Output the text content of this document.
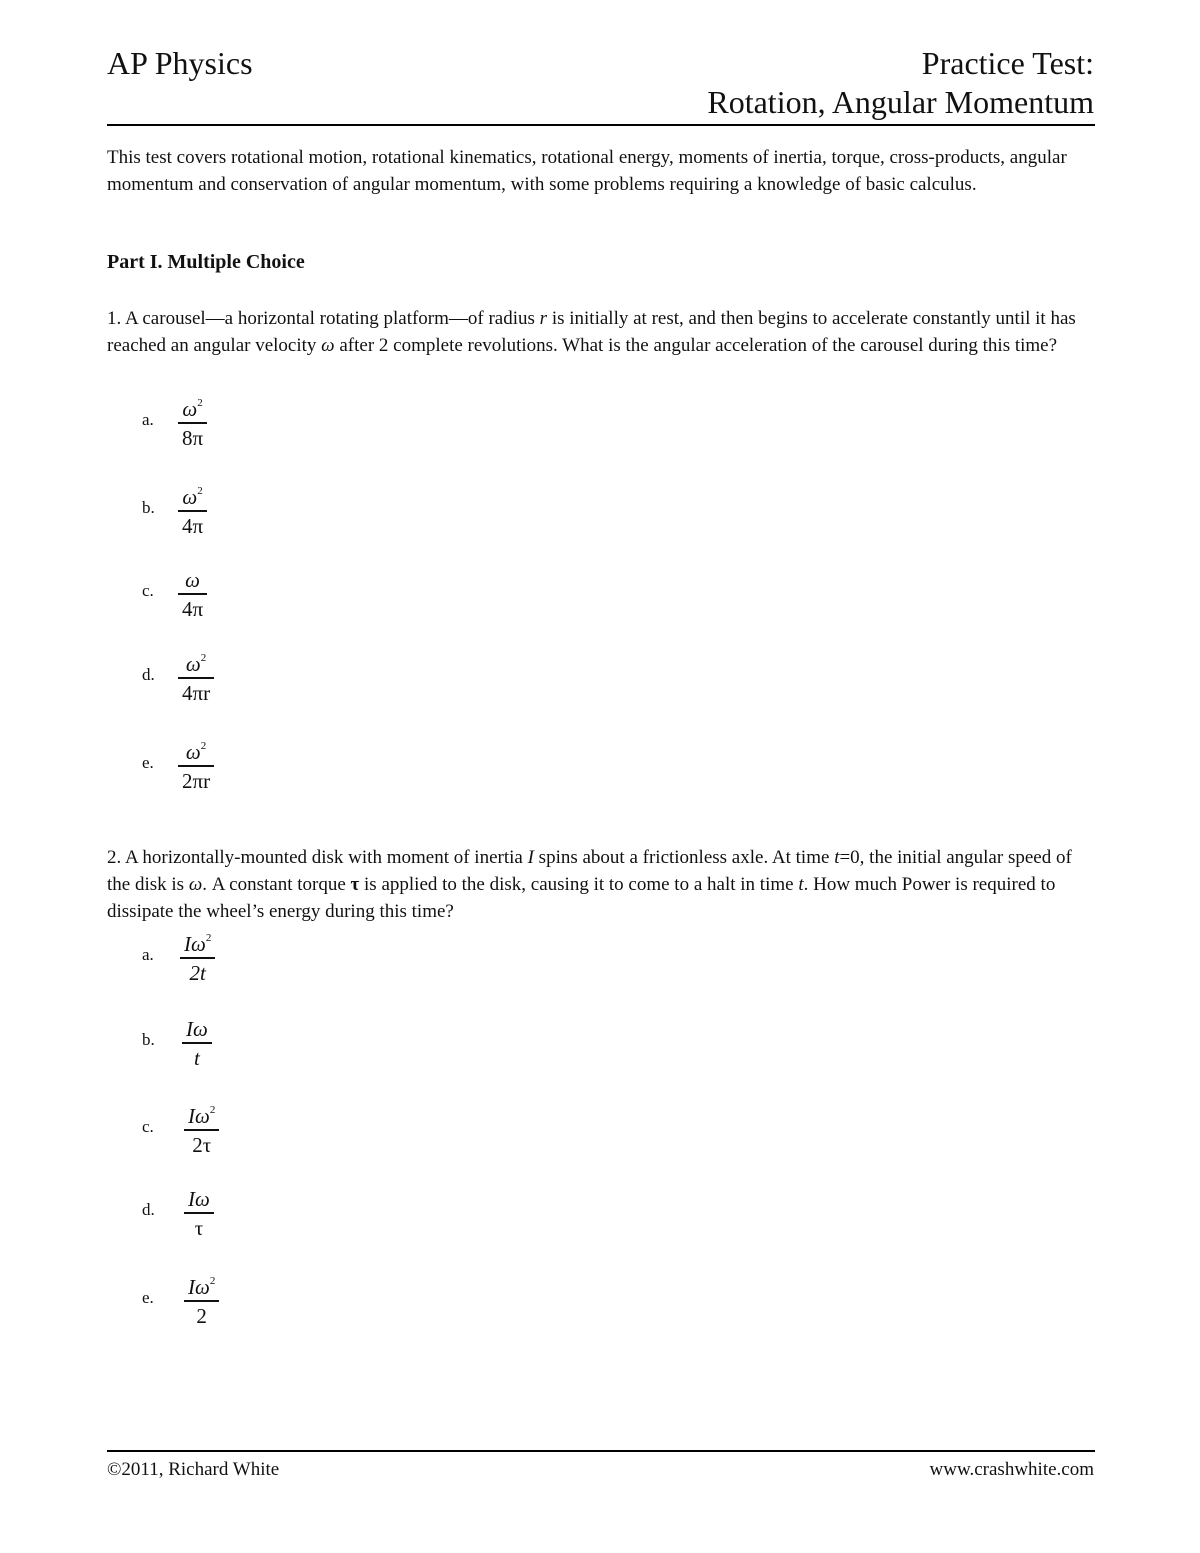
AP Physics	Practice Test:
Rotation, Angular Momentum
This test covers rotational motion, rotational kinematics, rotational energy, moments of inertia, torque, cross-products, angular momentum and conservation of angular momentum, with some problems requiring a knowledge of basic calculus.
Part I. Multiple Choice
1. A carousel—a horizontal rotating platform—of radius r is initially at rest, and then begins to accelerate constantly until it has reached an angular velocity ω after 2 complete revolutions. What is the angular acceleration of the carousel during this time?
a. $\omega^2$
8π
b. $\omega^2$
4π
c. ω
4π
d. $\omega^2$
4πr
e. $\omega^2$
2πr
2. A horizontally-mounted disk with moment of inertia I spins about a frictionless axle. At time t=0, the initial angular speed of the disk is ω. A constant torque τ is applied to the disk, causing it to come to a halt in time t. How much Power is required to dissipate the wheel’s energy during this time?
a. $I\omega^2$
2t
b. Iω
t
c. $I\omega^2$
2τ
d. Iω
τ
e. $I\omega^2$
2
©2011, Richard White	www.crashwhite.com
